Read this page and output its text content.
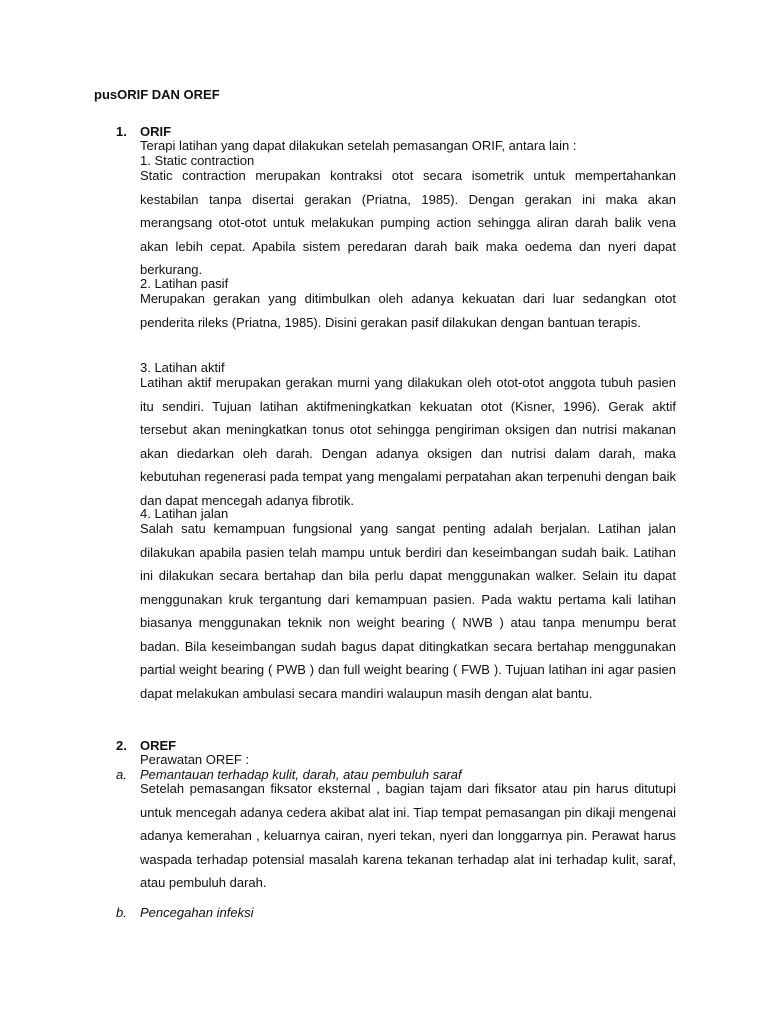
pusORIF DAN OREF
1. ORIF
Terapi latihan yang dapat dilakukan setelah pemasangan ORIF, antara lain :
1. Static contraction
Static contraction merupakan kontraksi otot secara isometrik untuk mempertahankan kestabilan tanpa disertai gerakan (Priatna, 1985). Dengan gerakan ini maka akan merangsang otot-otot untuk melakukan pumping action sehingga aliran darah balik vena akan lebih cepat. Apabila sistem peredaran darah baik maka oedema dan nyeri dapat berkurang.
2. Latihan pasif
Merupakan gerakan yang ditimbulkan oleh adanya kekuatan dari luar sedangkan otot penderita rileks (Priatna, 1985). Disini gerakan pasif dilakukan dengan bantuan terapis.
3. Latihan aktif
Latihan aktif merupakan gerakan murni yang dilakukan oleh otot-otot anggota tubuh pasien itu sendiri. Tujuan latihan aktifmeningkatkan kekuatan otot (Kisner, 1996). Gerak aktif tersebut akan meningkatkan tonus otot sehingga pengiriman oksigen dan nutrisi makanan akan diedarkan oleh darah. Dengan adanya oksigen dan nutrisi dalam darah, maka kebutuhan regenerasi pada tempat yang mengalami perpatahan akan terpenuhi dengan baik dan dapat mencegah adanya fibrotik.
4. Latihan jalan
Salah satu kemampuan fungsional yang sangat penting adalah berjalan. Latihan jalan dilakukan apabila pasien telah mampu untuk berdiri dan keseimbangan sudah baik. Latihan ini dilakukan secara bertahap dan bila perlu dapat menggunakan walker. Selain itu dapat menggunakan kruk tergantung dari kemampuan pasien. Pada waktu pertama kali latihan biasanya menggunakan teknik non weight bearing ( NWB ) atau tanpa menumpu berat badan. Bila keseimbangan sudah bagus dapat ditingkatkan secara bertahap menggunakan partial weight bearing ( PWB ) dan full weight bearing ( FWB ). Tujuan latihan ini agar pasien dapat melakukan ambulasi secara mandiri walaupun masih dengan alat bantu.
2. OREF
Perawatan OREF :
a. Pemantauan terhadap kulit, darah, atau pembuluh saraf
Setelah pemasangan fiksator eksternal , bagian tajam dari fiksator atau pin harus ditutupi untuk mencegah adanya cedera akibat alat ini. Tiap tempat pemasangan pin dikaji mengenai adanya kemerahan , keluarnya cairan, nyeri tekan, nyeri dan longgarnya pin. Perawat harus waspada terhadap potensial masalah karena tekanan terhadap alat ini terhadap kulit, saraf, atau pembuluh darah.
b. Pencegahan infeksi
